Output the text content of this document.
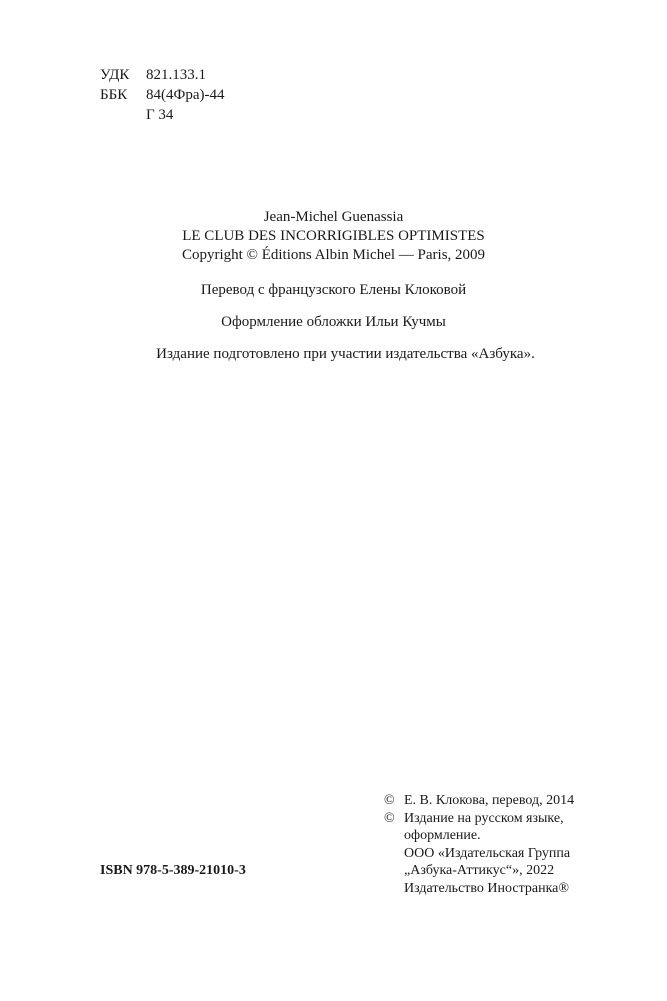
УДК	821.133.1
ББК	84(4Фра)-44
Г 34
Jean-Michel Guenassia
LE CLUB DES INCORRIGIBLES OPTIMISTES
Copyright © Éditions Albin Michel — Paris, 2009
Перевод с французского Елены Клоковой
Оформление обложки Ильи Кучмы
Издание подготовлено при участии издательства «Азбука».
© Е. В. Клокова, перевод, 2014
© Издание на русском языке,
оформление.
ООО «Издательская Группа
„Азбука-Аттикус“», 2022
Издательство Иностранка®
ISBN 978-5-389-21010-3
